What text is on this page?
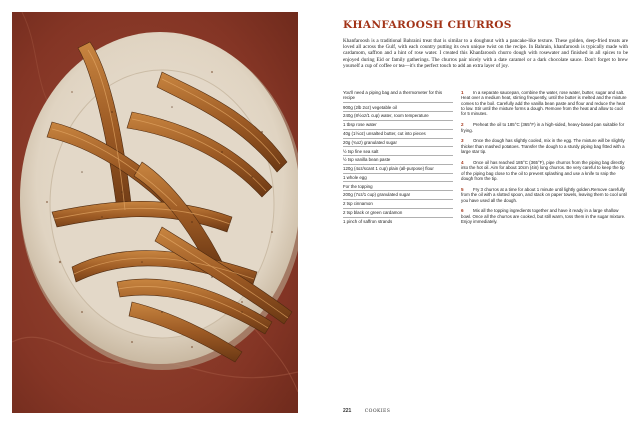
KHANFAROOSH CHURROS

Khanfaroosh is a traditional Bahraini treat that is similar to a doughnut with a pancake-like texture. These golden, deep-fried treats are loved all across the Gulf, with each country putting its own unique twist on the recipe. In Bahrain, khanfaroosh is typically made with cardamom, saffron and a hint of rose water. I created this Khanfaroosh churro dough with rosewater and finished in all spices to be enjoyed during Eid or family gatherings. The churros pair nicely with a date caramel or a dark chocolate sauce. Don't forget to brew yourself a cup of coffee or tea—it's the perfect touch to add an extra layer of joy.

You'll need a piping bag and a thermometer for this recipe
900g (2lb 2oz) vegetable oil
240g (8½oz/1 cup) water, room temperature
1 tbsp rose water
40g (1½oz) unsalted butter, cut into pieces
20g (¾oz) granulated sugar
½ tsp fine sea salt
½ tsp vanilla bean paste
120g (4oz/scant 1 cup) plain (all-purpose) flour
1 whole egg
For the topping
200g (7oz/1 cup) granulated sugar
2 tsp cinnamon
2 tsp black or green cardamon
1 pinch of saffron strands
1	In a separate saucepan, combine the water, rose water, butter, sugar and salt. Heat over a medium heat, stirring frequently, until the butter is melted and the mixture comes to the boil. Carefully add the vanilla bean paste and flour and reduce the heat to low. Stir until the mixture forms a dough. Remove from the heat and allow to cool for 5 minutes.

2	Preheat the oil to 185°C (365°F) in a high-sided, heavy-based pan suitable for frying.

3	Once the dough has slightly cooled, mix in the egg. The mixture will be slightly thicker than mashed potatoes. Transfer the dough to a sturdy piping bag fitted with a large star tip.

4	Once oil has reached 185°C (365°F), pipe churros from the piping bag directly into the hot oil. Aim for about 10cm (4in) long churros. Be very careful to keep the tip of the piping bag close to the oil to prevent splashing and use a knife to snip the dough from the tip.

5	Fry 3 churros at a time for about 1 minute until lightly golden.Remove carefully from the oil with a slotted spoon, and stack on paper towels, leaving them to cool until you have used all the dough.

6	Mix all the topping ingredients together and have it ready in a large shallow bowl. Once all the churros are cooked, but still warm, toss them in the sugar mixture. Enjoy immediately.

221	COOKIES
